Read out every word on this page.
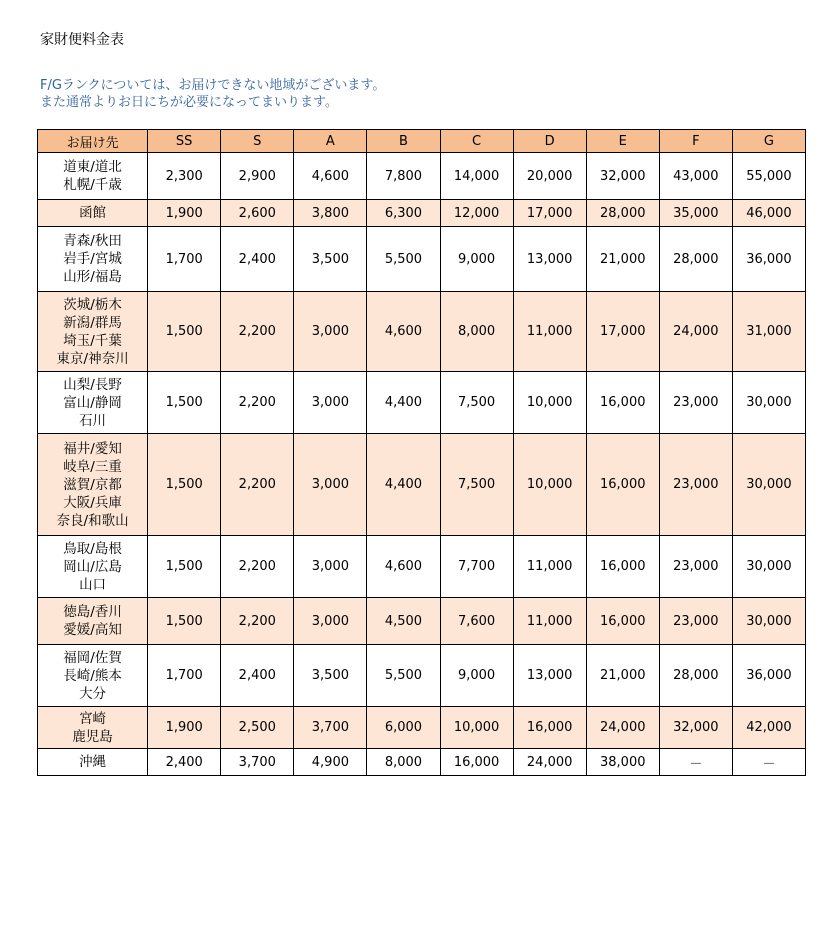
家財便料金表
F/Gランクについては、お届けできない地域がございます。
また通常よりお日にちが必要になってまいります。
お届け先	SS	S	A	B	C	D	E	F	G

道東/道北
札幌/千歳	2,300	2,900	4,600	7,800	14,000	20,000	32,000	43,000	55,000

函館	1,900	2,600	3,800	6,300	12,000	17,000	28,000	35,000	46,000

青森/秋田
岩手/宮城
山形/福島	1,700	2,400	3,500	5,500	9,000	13,000	21,000	28,000	36,000

茨城/栃木
新潟/群馬
埼玉/千葉
東京/神奈川	1,500	2,200	3,000	4,600	8,000	11,000	17,000	24,000	31,000

山梨/長野
富山/静岡
石川	1,500	2,200	3,000	4,400	7,500	10,000	16,000	23,000	30,000

福井/愛知
岐阜/三重
滋賀/京都
大阪/兵庫
奈良/和歌山	1,500	2,200	3,000	4,400	7,500	10,000	16,000	23,000	30,000

鳥取/島根
岡山/広島
山口	1,500	2,200	3,000	4,600	7,700	11,000	16,000	23,000	30,000

徳島/香川
愛媛/高知	1,500	2,200	3,000	4,500	7,600	11,000	16,000	23,000	30,000

福岡/佐賀
長崎/熊本
大分	1,700	2,400	3,500	5,500	9,000	13,000	21,000	28,000	36,000

宮崎
鹿児島	1,900	2,500	3,700	6,000	10,000	16,000	24,000	32,000	42,000

沖縄	2,400	3,700	4,900	8,000	16,000	24,000	38,000	－	－
